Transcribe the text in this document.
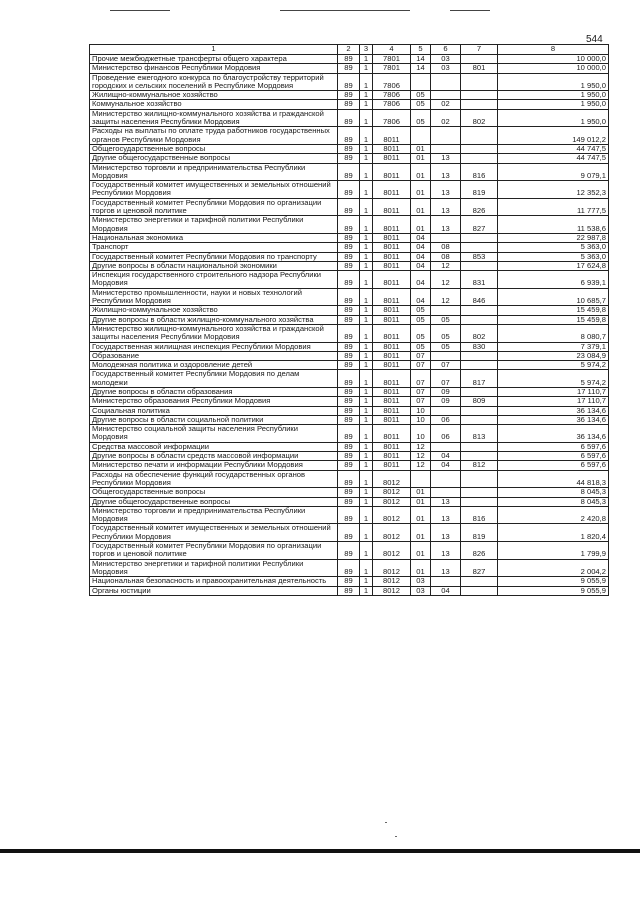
544
1	2	3	4	5	6	7	8
Прочие межбюджетные трансферты общего характера	89	1	7801	14	03		10 000,0
Министерство финансов Республики Мордовия	89	1	7801	14	03	801	10 000,0
Проведение ежегодного конкурса по благоустройству территорий городских и сельских поселений в Республике Мордовия	89	1	7806				1 950,0
Жилищно-коммунальное хозяйство	89	1	7806	05			1 950,0
Коммунальное хозяйство	89	1	7806	05	02		1 950,0
Министерство жилищно-коммунального хозяйства и гражданской защиты населения Республики Мордовия	89	1	7806	05	02	802	1 950,0
Расходы на выплаты по оплате труда работников государственных органов Республики Мордовия	89	1	8011				149 012,2
Общегосударственные вопросы	89	1	8011	01			44 747,5
Другие общегосударственные вопросы	89	1	8011	01	13		44 747,5
Министерство торговли и предпринимательства Республики Мордовия	89	1	8011	01	13	816	9 079,1
Государственный комитет имущественных и земельных отношений Республики Мордовия	89	1	8011	01	13	819	12 352,3
Государственный комитет Республики Мордовия по организации торгов и ценовой политике	89	1	8011	01	13	826	11 777,5
Министерство энергетики и тарифной политики Республики Мордовия	89	1	8011	01	13	827	11 538,6
Национальная экономика	89	1	8011	04			22 987,8
Транспорт	89	1	8011	04	08		5 363,0
Государственный комитет Республики Мордовия по транспорту	89	1	8011	04	08	853	5 363,0
Другие вопросы в области национальной экономики	89	1	8011	04	12		17 624,8
Инспекция государственного строительного надзора Республики Мордовия	89	1	8011	04	12	831	6 939,1
Министерство промышленности, науки и новых технологий Республики Мордовия	89	1	8011	04	12	846	10 685,7
Жилищно-коммунальное хозяйство	89	1	8011	05			15 459,8
Другие вопросы в области жилищно-коммунального хозяйства	89	1	8011	05	05		15 459,8
Министерство жилищно-коммунального хозяйства и гражданской защиты населения Республики Мордовия	89	1	8011	05	05	802	8 080,7
Государственная жилищная инспекция Республики Мордовия	89	1	8011	05	05	830	7 379,1
Образование	89	1	8011	07			23 084,9
Молодежная политика и оздоровление детей	89	1	8011	07	07		5 974,2
Государственный комитет Республики Мордовия по делам молодежи	89	1	8011	07	07	817	5 974,2
Другие вопросы в области образования	89	1	8011	07	09		17 110,7
Министерство образования Республики Мордовия	89	1	8011	07	09	809	17 110,7
Социальная политика	89	1	8011	10			36 134,6
Другие вопросы в области социальной политики	89	1	8011	10	06		36 134,6
Министерство социальной защиты населения Республики Мордовия	89	1	8011	10	06	813	36 134,6
Средства массовой информации	89	1	8011	12			6 597,6
Другие вопросы в области средств массовой информации	89	1	8011	12	04		6 597,6
Министерство печати и информации Республики Мордовия	89	1	8011	12	04	812	6 597,6
Расходы на обеспечение функций государственных органов Республики Мордовия	89	1	8012				44 818,3
Общегосударственные вопросы	89	1	8012	01			8 045,3
Другие общегосударственные вопросы	89	1	8012	01	13		8 045,3
Министерство торговли и предпринимательства Республики Мордовия	89	1	8012	01	13	816	2 420,8
Государственный комитет имущественных и земельных отношений Республики Мордовия	89	1	8012	01	13	819	1 820,4
Государственный комитет Республики Мордовия по организации торгов и ценовой политике	89	1	8012	01	13	826	1 799,9
Министерство энергетики и тарифной политики Республики Мордовия	89	1	8012	01	13	827	2 004,2
Национальная безопасность и правоохранительная деятельность	89	1	8012	03			9 055,9
Органы юстиции	89	1	8012	03	04		9 055,9
